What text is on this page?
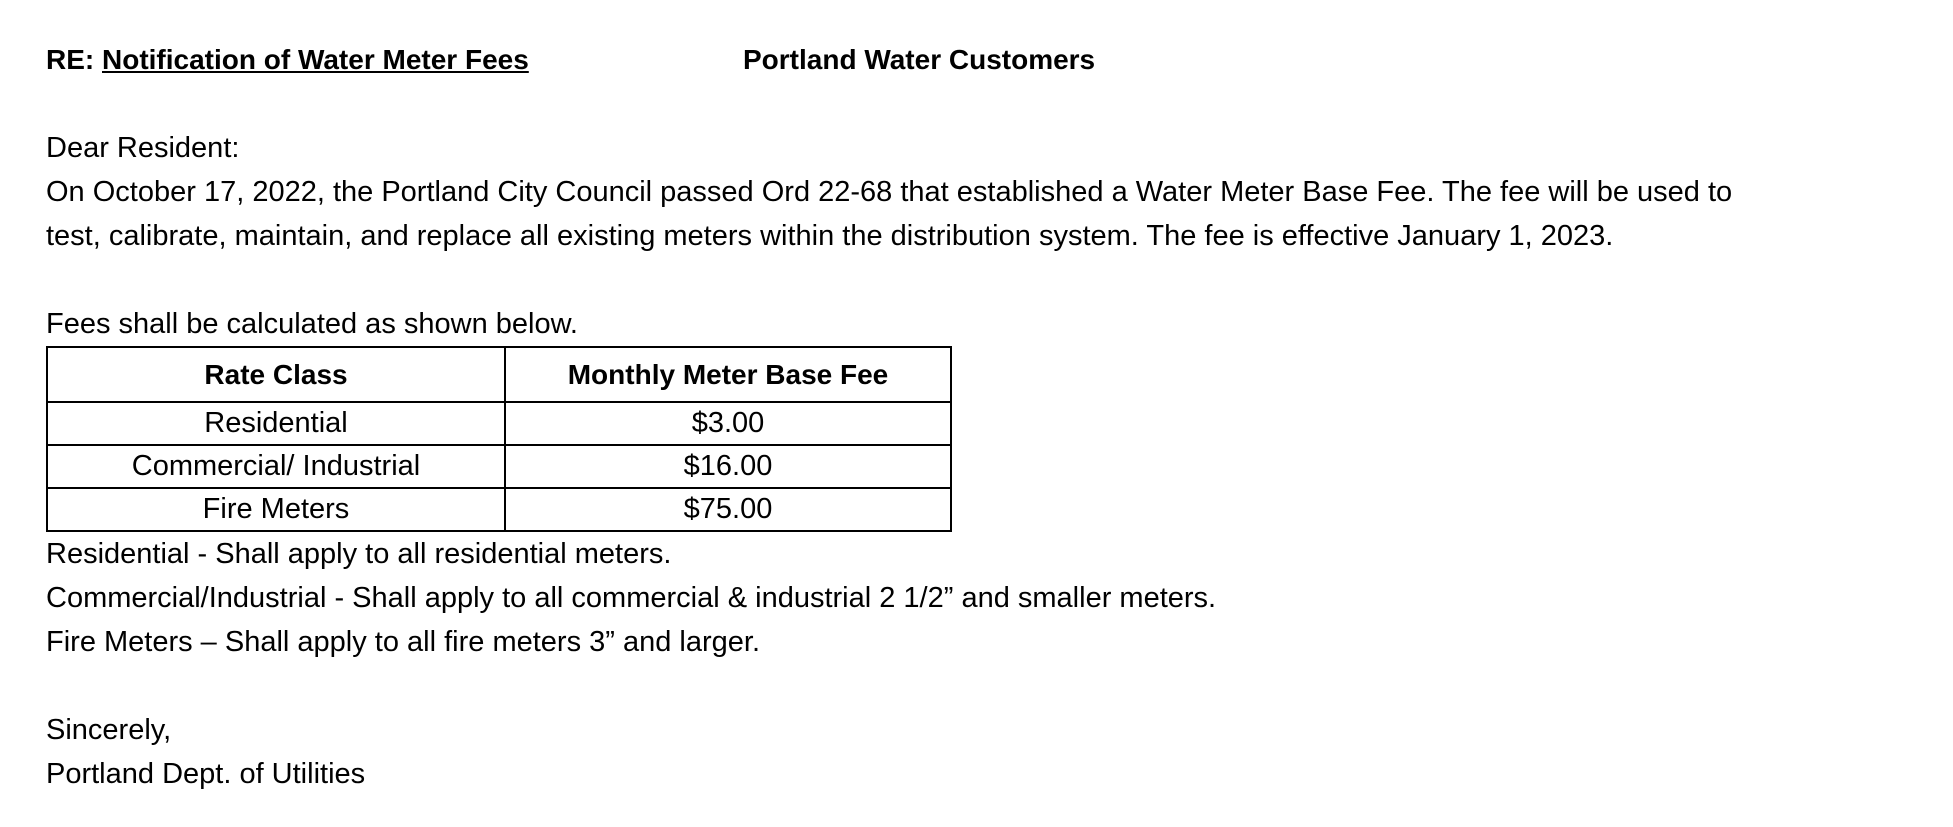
RE: Notification of Water Meter Fees	Portland Water Customers
Dear Resident:
On October 17, 2022, the Portland City Council passed Ord 22-68 that established a Water Meter Base Fee. The fee will be used to
test, calibrate, maintain, and replace all existing meters within the distribution system. The fee is effective January 1, 2023.
Fees shall be calculated as shown below.
Rate Class	Monthly Meter Base Fee
Residential	$3.00
Commercial/ Industrial	$16.00
Fire Meters	$75.00
Residential - Shall apply to all residential meters.
Commercial/Industrial - Shall apply to all commercial & industrial 2 1/2” and smaller meters.
Fire Meters – Shall apply to all fire meters 3” and larger.
Sincerely,
Portland Dept. of Utilities
